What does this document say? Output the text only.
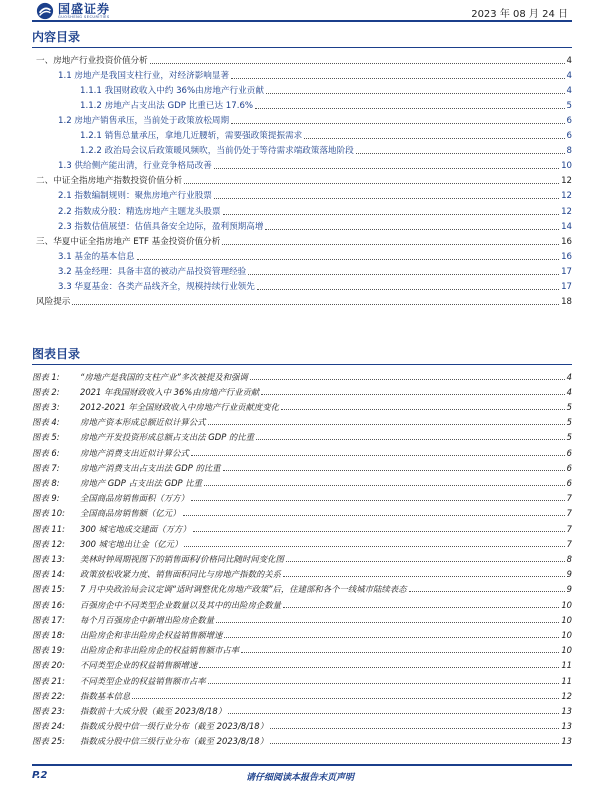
国盛证券
GUOSHENG SECURITIES	2023 年 08 月 24 日
内容目录
一、房地产行业投资价值分析	4
1.1 房地产是我国支柱行业，对经济影响显著	4
1.1.1 我国财政收入中约 36%由房地产行业贡献	4
1.1.2 房地产占支出法 GDP 比重已达 17.6%	5
1.2 房地产销售承压，当前处于政策放松周期	6
1.2.1 销售总量承压，拿地几近腰斩，需要强政策提振需求	6
1.2.2 政治局会议后政策暖风频吹，当前仍处于等待需求端政策落地阶段	8
1.3 供给侧产能出清，行业竞争格局改善	10
二、中证全指房地产指数投资价值分析	12
2.1 指数编制规则：聚焦房地产行业股票	12
2.2 指数成分股：精选房地产主题龙头股票	12
2.3 指数估值展望：估值具备安全边际，盈利预期高增	14
三、华夏中证全指房地产 ETF 基金投资价值分析	16
3.1 基金的基本信息	16
3.2 基金经理：具备丰富的被动产品投资管理经验	17
3.3 华夏基金：各类产品线齐全，规模持续行业领先	17
风险提示	18
图表目录
图表 1:	“房地产是我国的支柱产业”多次被提及和强调	4
图表 2:	2021 年我国财政收入中 36%由房地产行业贡献	4
图表 3:	2012-2021 年全国财政收入中房地产行业贡献度变化	5
图表 4:	房地产资本形成总额近似计算公式	5
图表 5:	房地产开发投资形成总额占支出法 GDP 的比重	5
图表 6:	房地产消费支出近似计算公式	6
图表 7:	房地产消费支出占支出法 GDP 的比重	6
图表 8:	房地产 GDP 占支出法 GDP 比重	6
图表 9:	全国商品房销售面积（万方）	7
图表 10:	全国商品房销售额（亿元）	7
图表 11:	300 城宅地成交建面（万方）	7
图表 12:	300 城宅地出让金（亿元）	7
图表 13:	美林时钟周期视图下的销售面积/价格同比随时间变化图	8
图表 14:	政策放松收紧力度、销售面积同比与房地产指数的关系	9
图表 15:	7 月中央政治局会议定调“适时调整优化房地产政策”后，住建部和各个一线城市陆续表态	9
图表 16:	百强房企中不同类型企业数量以及其中的出险房企数量	10
图表 17:	每个月百强房企中新增出险房企数量	10
图表 18:	出险房企和非出险房企权益销售额增速	10
图表 19:	出险房企和非出险房企的权益销售额市占率	10
图表 20:	不同类型企业的权益销售额增速	11
图表 21:	不同类型企业的权益销售额市占率	11
图表 22:	指数基本信息	12
图表 23:	指数前十大成分股（截至 2023/8/18）	13
图表 24:	指数成分股中信一级行业分布（截至 2023/8/18）	13
图表 25:	指数成分股中信三级行业分布（截至 2023/8/18）	13
P.2	请仔细阅读本报告末页声明
